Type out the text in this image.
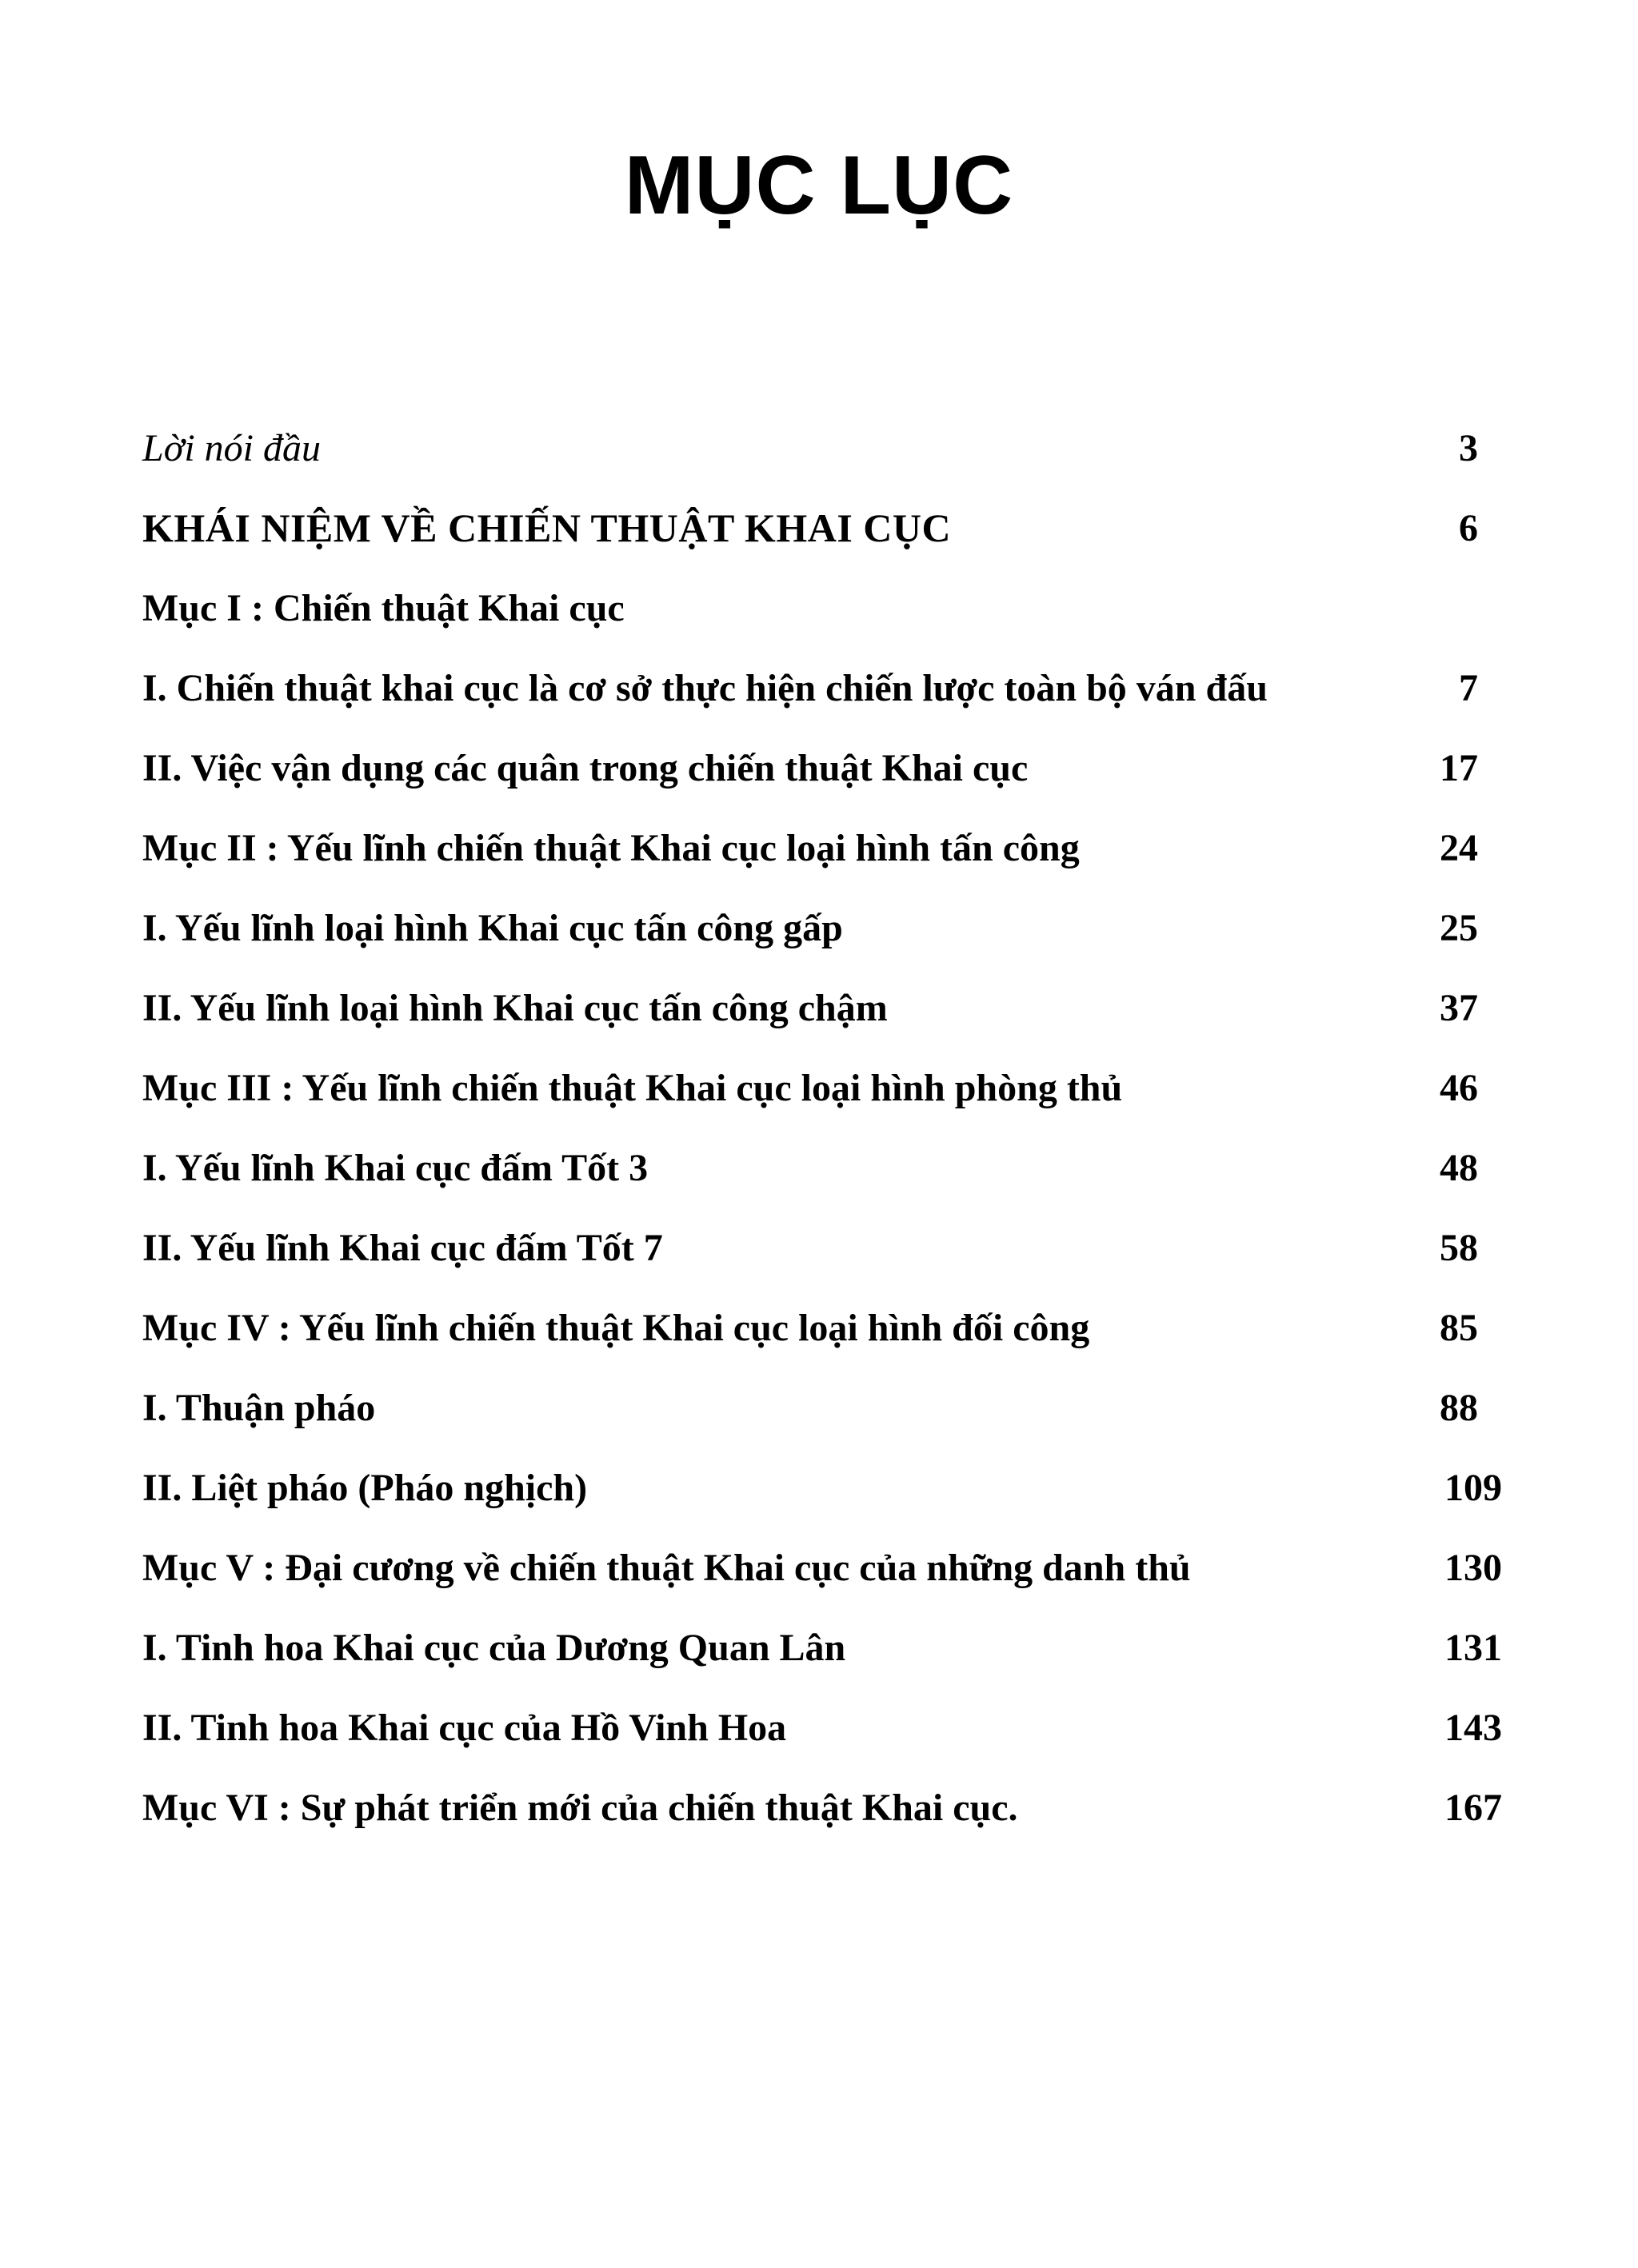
MỤC LỤC
Lời nói đầu	3
KHÁI NIỆM VỀ CHIẾN THUẬT KHAI CỤC	6
Mục I : Chiến thuật Khai cục
I. Chiến thuật khai cục là cơ sở thực hiện chiến lược toàn bộ ván đấu	7
II. Việc vận dụng các quân trong chiến thuật Khai cục	17
Mục II : Yếu lĩnh chiến thuật Khai cục loại hình tấn công	24
I. Yếu lĩnh loại hình Khai cục tấn công gấp	25
II. Yếu lĩnh loại hình Khai cục tấn công chậm	37
Mục III : Yếu lĩnh chiến thuật Khai cục loại hình phòng thủ	46
I. Yếu lĩnh Khai cục đấm Tốt 3	48
II. Yếu lĩnh Khai cục đấm Tốt 7	58
Mục IV : Yếu lĩnh chiến thuật Khai cục loại hình đối công	85
I. Thuận pháo	88
II. Liệt pháo (Pháo nghịch)	109
Mục V : Đại cương về chiến thuật Khai cục của những danh thủ	130
I. Tinh hoa Khai cục của Dương Quan Lân	131
II. Tinh hoa Khai cục của Hồ Vinh Hoa	143
Mục VI : Sự phát triển mới của chiến thuật Khai cục.	167
